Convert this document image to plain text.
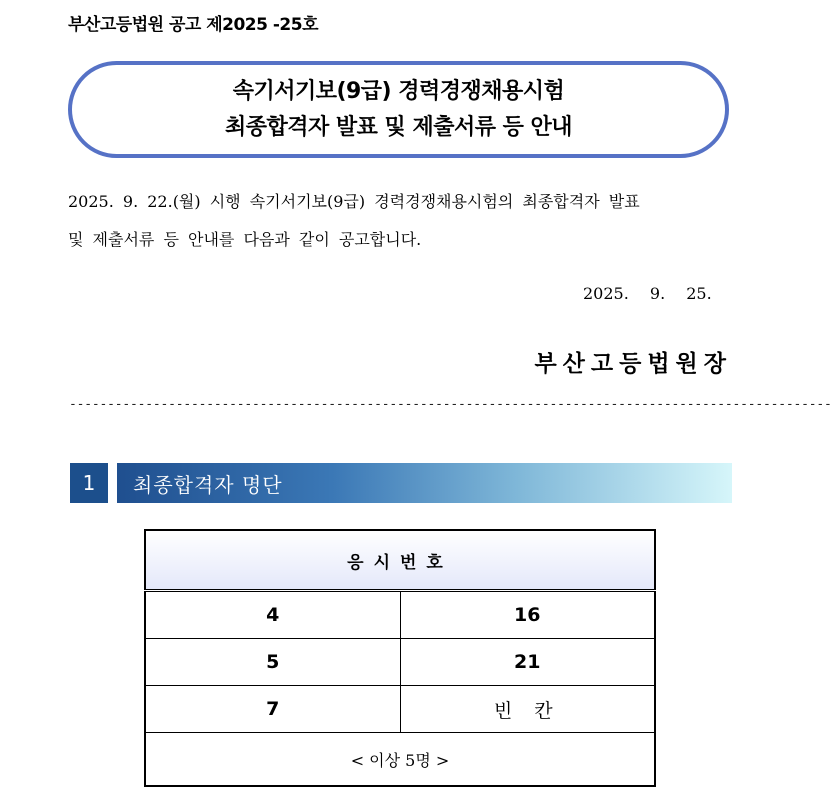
부산고등법원 공고 제2025 -25호
속기서기보(9급) 경력경쟁채용시험
최종합격자 발표 및 제출서류 등 안내
2025. 9. 22.(월) 시행 속기서기보(9급) 경력경쟁채용시험의 최종합격자 발표
및 제출서류 등 안내를 다음과 같이 공고합니다.
2025. 9. 25.
부산고등법원장
----------------------------------------------------------------------------------------------------
1	최종합격자 명단
응시번호	
4	16
5	21
7	빈 칸
< 이상 5명 >	
